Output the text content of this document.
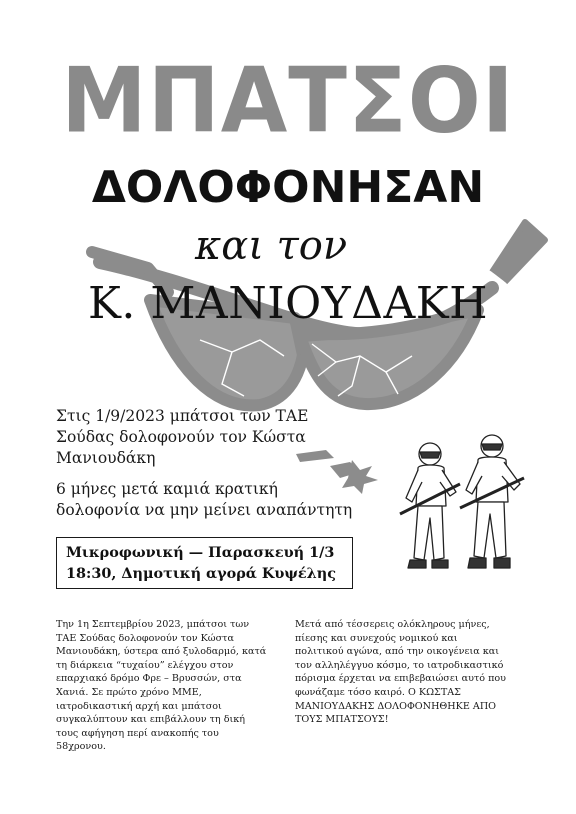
ΜΠΑΤΣΟΙ
ΔΟΛΟΦΟΝΗΣΑΝ
και τον
Κ. ΜΑΝΙΟΥΔΑΚΗ

Στις 1/9/2023 μπάτσοι των ΤΑΕ Σούδας δολοφονούν τον Κώστα Μανιουδάκη

6 μήνες μετά καμιά κρατική δολοφονία να μην μείνει αναπάντητη

Μικροφωνική — Παρασκευή 1/3
18:30, Δημοτική αγορά Κυψέλης
Την 1η Σεπτεμβρίου 2023, μπάτσοι των ΤΑΕ Σούδας δολοφονούν τον Κώστα Μανιουδάκη, ύστερα από ξυλοδαρμό, κατά τη διάρκεια “τυχαίου” ελέγχου στον επαρχιακό δρόμο Φρε – Βρυσσών, στα Χανιά. Σε πρώτο χρόνο ΜΜΕ, ιατροδικαστική αρχή και μπάτσοι συγκαλύπτουν και επιβάλλουν τη δική τους αφήγηση περί ανακοπής του 58χρονου.
Μετά από τέσσερεις ολόκληρους μήνες, πίεσης και συνεχούς νομικού και πολιτικού αγώνα, από την οικογένεια και τον αλληλέγγυο κόσμο, το ιατροδικαστικό πόρισμα έρχεται να επιβεβαιώσει αυτό που φωνάζαμε τόσο καιρό. Ο ΚΩΣΤΑΣ ΜΑΝΙΟΥΔΑΚΗΣ ΔΟΛΟΦΟΝΗΘΗΚΕ ΑΠΟ ΤΟΥΣ ΜΠΑΤΣΟΥΣ!
